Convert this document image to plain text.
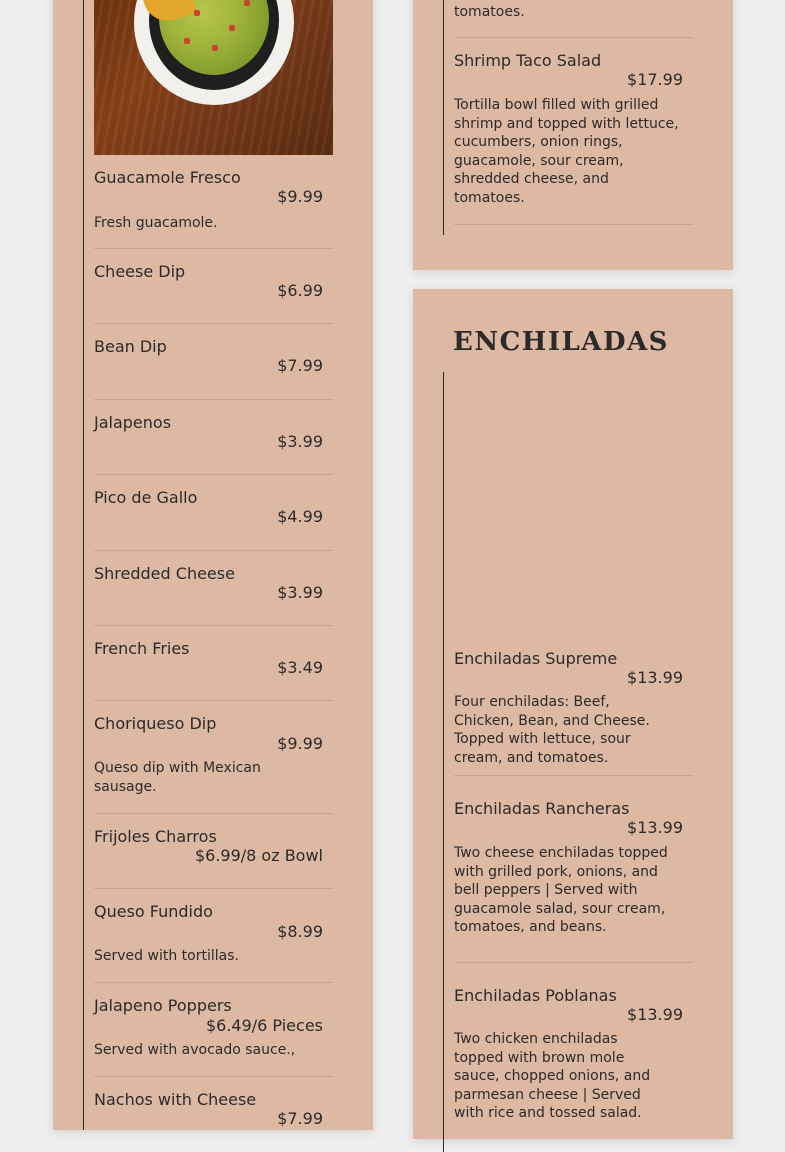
Guacamole Fresco
$9.99
Fresh guacamole.
Cheese Dip
$6.99
Bean Dip
$7.99
Jalapenos
$3.99
Pico de Gallo
$4.99
Shredded Cheese
$3.99
French Fries
$3.49
Choriqueso Dip
$9.99
Queso dip with Mexican sausage.
Frijoles Charros
$6.99/8 oz Bowl
Queso Fundido
$8.99
Served with tortillas.
Jalapeno Poppers
$6.49/6 Pieces
Served with avocado sauce.,
Nachos with Cheese
$7.99
tomatoes.
Shrimp Taco Salad
$17.99
Tortilla bowl filled with grilled shrimp and topped with lettuce, cucumbers, onion rings, guacamole, sour cream, shredded cheese, and tomatoes.
ENCHILADAS
Enchiladas Supreme
$13.99
Four enchiladas: Beef, Chicken, Bean, and Cheese. Topped with lettuce, sour cream, and tomatoes.
Enchiladas Rancheras
$13.99
Two cheese enchiladas topped with grilled pork, onions, and bell peppers | Served with guacamole salad, sour cream, tomatoes, and beans.
Enchiladas Poblanas
$13.99
Two chicken enchiladas topped with brown mole sauce, chopped onions, and parmesan cheese | Served with rice and tossed salad.
